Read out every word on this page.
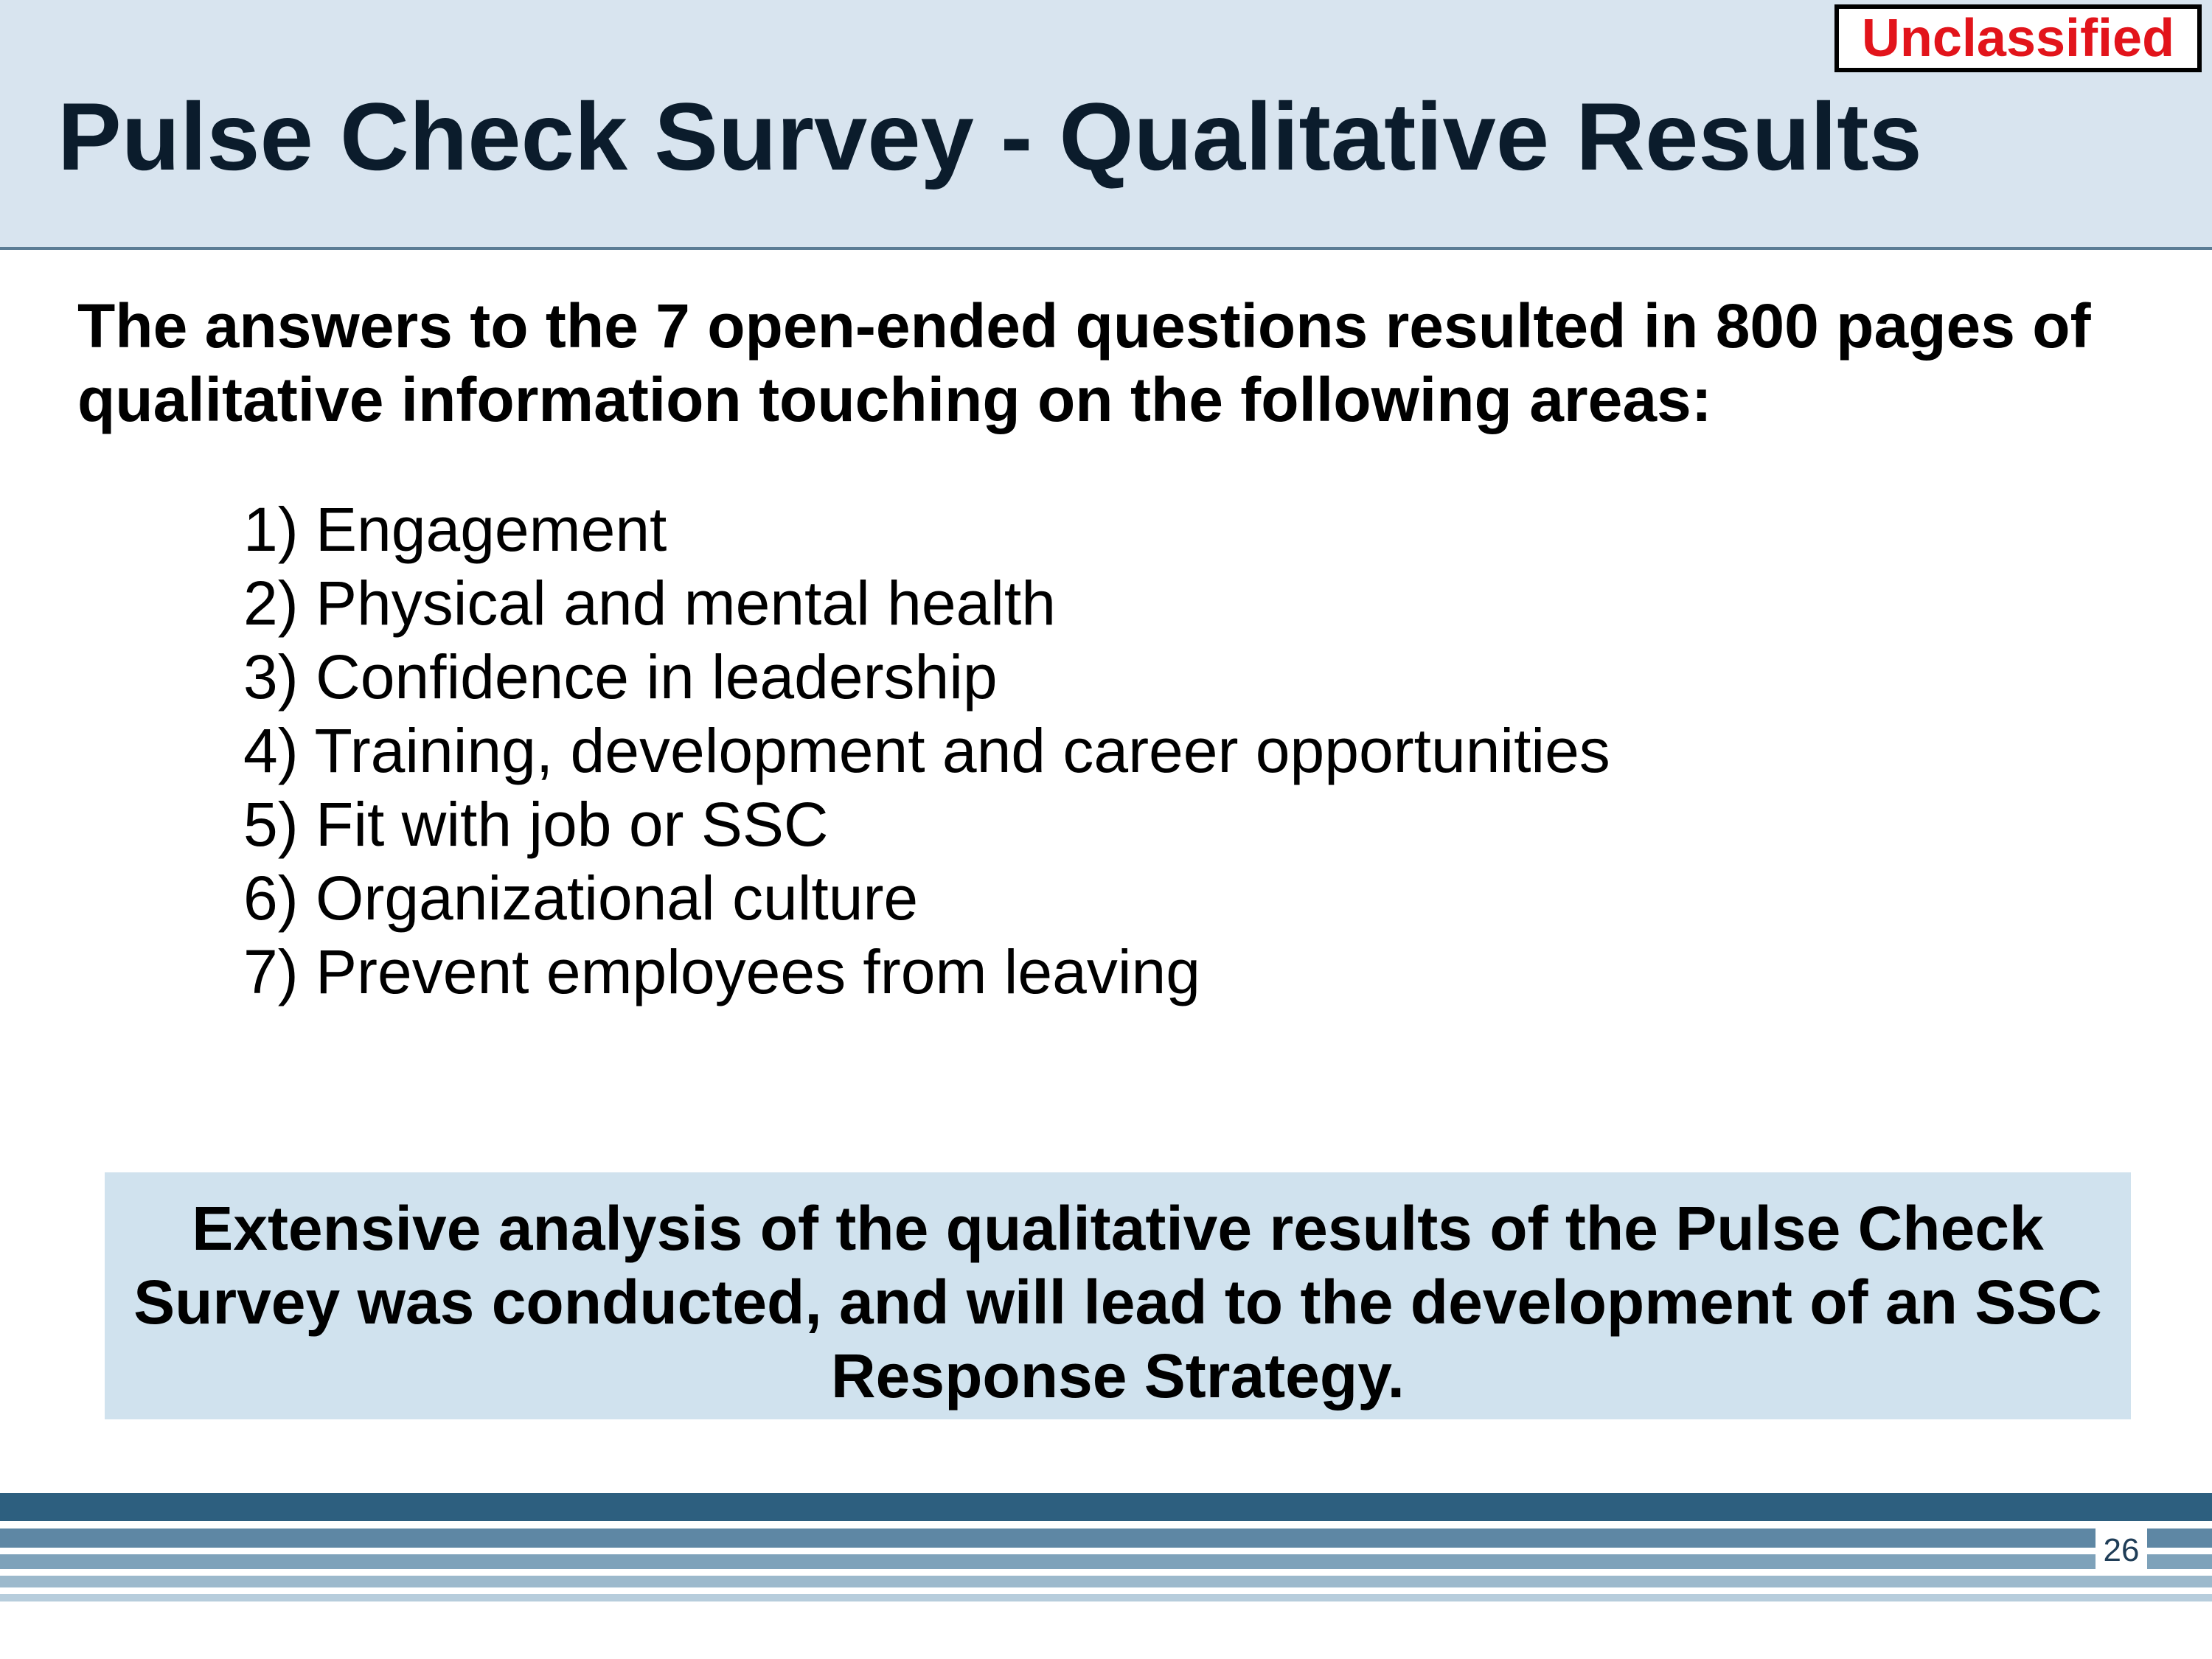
Unclassified
Pulse Check Survey - Qualitative Results

The answers to the 7 open-ended questions resulted in 800 pages of qualitative information touching on the following areas:

1) Engagement
2) Physical and mental health
3) Confidence in leadership
4) Training, development and career opportunities
5) Fit with job or SSC
6) Organizational culture
7) Prevent employees from leaving

Extensive analysis of the qualitative results of the Pulse Check Survey was conducted, and will lead to the development of an SSC Response Strategy.

26
